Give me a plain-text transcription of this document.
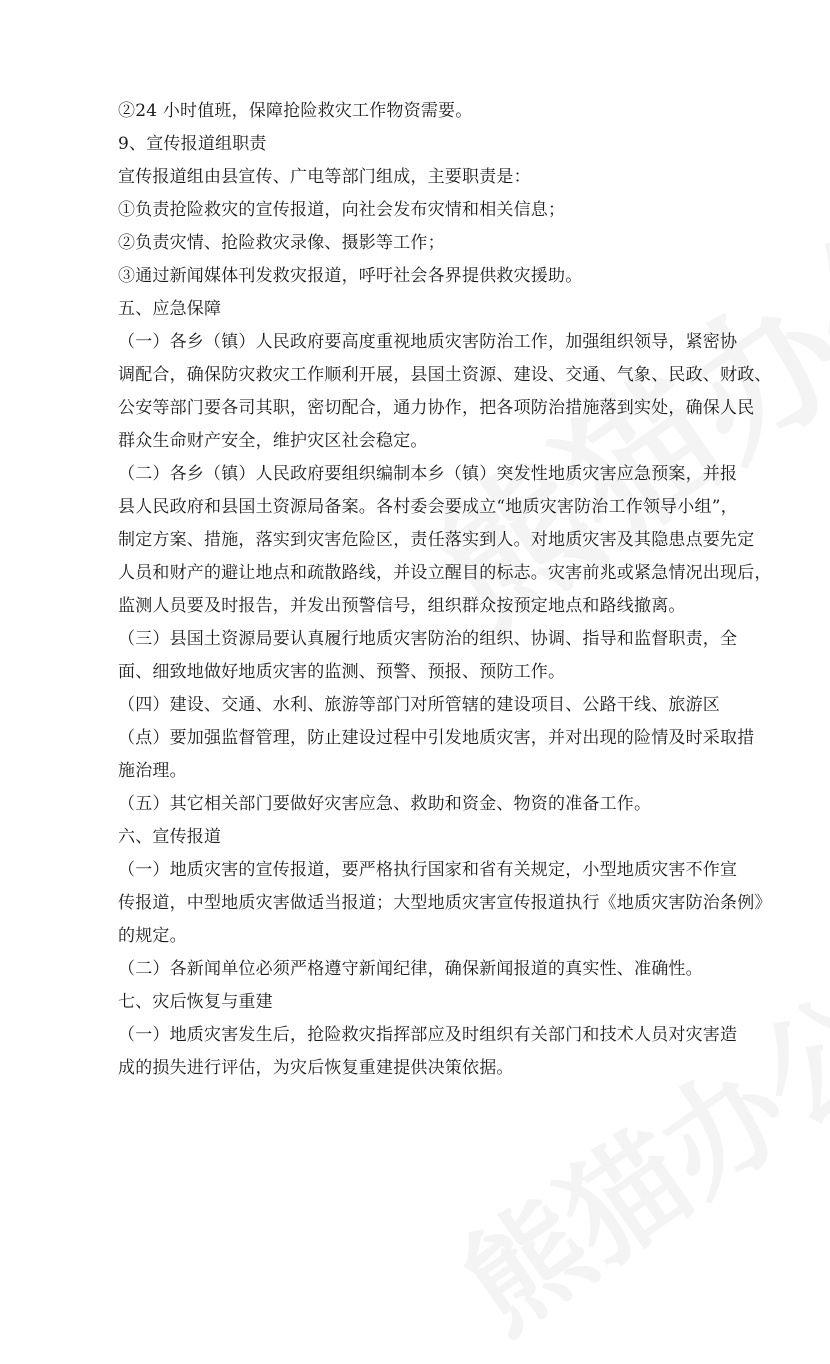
②24 小时值班，保障抢险救灾工作物资需要。
9、宣传报道组职责
宣传报道组由县宣传、广电等部门组成，主要职责是：
①负责抢险救灾的宣传报道，向社会发布灾情和相关信息；
②负责灾情、抢险救灾录像、摄影等工作；
③通过新闻媒体刊发救灾报道，呼吁社会各界提供救灾援助。
五、应急保障
（一）各乡（镇）人民政府要高度重视地质灾害防治工作，加强组织领导，紧密协
调配合，确保防灾救灾工作顺利开展，县国土资源、建设、交通、气象、民政、财政、
公安等部门要各司其职，密切配合，通力协作，把各项防治措施落到实处，确保人民
群众生命财产安全，维护灾区社会稳定。
（二）各乡（镇）人民政府要组织编制本乡（镇）突发性地质灾害应急预案，并报
县人民政府和县国土资源局备案。各村委会要成立“地质灾害防治工作领导小组”，
制定方案、措施，落实到灾害危险区，责任落实到人。对地质灾害及其隐患点要先定
人员和财产的避让地点和疏散路线，并设立醒目的标志。灾害前兆或紧急情况出现后，
监测人员要及时报告，并发出预警信号，组织群众按预定地点和路线撤离。
（三）县国土资源局要认真履行地质灾害防治的组织、协调、指导和监督职责，全
面、细致地做好地质灾害的监测、预警、预报、预防工作。
（四）建设、交通、水利、旅游等部门对所管辖的建设项目、公路干线、旅游区
（点）要加强监督管理，防止建设过程中引发地质灾害，并对出现的险情及时采取措
施治理。
（五）其它相关部门要做好灾害应急、救助和资金、物资的准备工作。
六、宣传报道
（一）地质灾害的宣传报道，要严格执行国家和省有关规定，小型地质灾害不作宣
传报道，中型地质灾害做适当报道；大型地质灾害宣传报道执行《地质灾害防治条例》
的规定。
（二）各新闻单位必须严格遵守新闻纪律，确保新闻报道的真实性、准确性。
七、灾后恢复与重建
（一）地质灾害发生后，抢险救灾指挥部应及时组织有关部门和技术人员对灾害造
成的损失进行评估，为灾后恢复重建提供决策依据。
